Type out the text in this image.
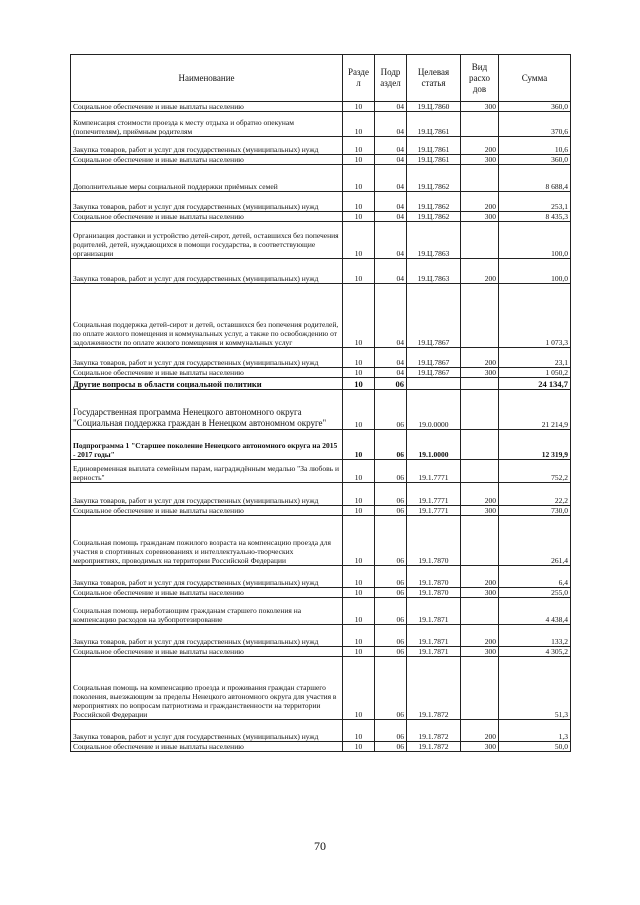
Наименование	Разде л	Подр аздел	Целевая статья	Вид расхо дов	Сумма
Социальное обеспечение и иные выплаты населению	10	04	19.Ц.7860	300	360,0
Компенсация стоимости проезда к месту отдыха и обратно опекунам (попечителям), приёмным родителям	10	04	19.Ц.7861		370,6
Закупка товаров, работ и услуг для государственных (муниципальных) нужд	10	04	19.Ц.7861	200	10,6
Социальное обеспечение и иные выплаты населению	10	04	19.Ц.7861	300	360,0
Дополнительные меры социальной поддержки приёмных семей	10	04	19.Ц.7862		8 688,4
Закупка товаров, работ и услуг для государственных (муниципальных) нужд	10	04	19.Ц.7862	200	253,1
Социальное обеспечение и иные выплаты населению	10	04	19.Ц.7862	300	8 435,3
Организация доставки и устройство детей-сирот, детей, оставшихся без попечения родителей, детей, нуждающихся в помощи государства, в соответствующие организации	10	04	19.Ц.7863		100,0
Закупка товаров, работ и услуг для государственных (муниципальных) нужд	10	04	19.Ц.7863	200	100,0
Социальная поддержка детей-сирот и детей, оставшихся без попечения родителей, по оплате жилого помещения и коммунальных услуг, а также по освобождению от задолженности по оплате жилого помещения и коммунальных услуг	10	04	19.Ц.7867		1 073,3
Закупка товаров, работ и услуг для государственных (муниципальных) нужд	10	04	19.Ц.7867	200	23,1
Социальное обеспечение и иные выплаты населению	10	04	19.Ц.7867	300	1 050,2
Другие вопросы в области социальной политики	10	06			24 134,7
Государственная программа Ненецкого автономного округа "Социальная поддержка граждан в Ненецком автономном округе"	10	06	19.0.0000		21 214,9
Подпрограмма 1 "Старшее поколение Ненецкого автономного округа на 2015 - 2017 годы"	10	06	19.1.0000		12 319,9
Единовременная выплата семейным парам, наградждённым медалью "За любовь и верность"	10	06	19.1.7771		752,2
Закупка товаров, работ и услуг для государственных (муниципальных) нужд	10	06	19.1.7771	200	22,2
Социальное обеспечение и иные выплаты населению	10	06	19.1.7771	300	730,0
Социальная помощь гражданам пожилого возраста на компенсацию проезда для участия в спортивных соревнованиях и интеллектуально-творческих мероприятиях, проводимых на территории Российской Федерации	10	06	19.1.7870		261,4
Закупка товаров, работ и услуг для государственных (муниципальных) нужд	10	06	19.1.7870	200	6,4
Социальное обеспечение и иные выплаты населению	10	06	19.1.7870	300	255,0
Социальная помощь неработающим гражданам старшего поколения на компенсацию расходов на зубопротезирование	10	06	19.1.7871		4 438,4
Закупка товаров, работ и услуг для государственных (муниципальных) нужд	10	06	19.1.7871	200	133,2
Социальное обеспечение и иные выплаты населению	10	06	19.1.7871	300	4 305,2
Социальная помощь на компенсацию проезда и проживания граждан старшего поколения, выезжающим за пределы Ненецкого автономного округа для участия в мероприятиях по вопросам патриотизма и гражданственности на территории Российской Федерации	10	06	19.1.7872		51,3
Закупка товаров, работ и услуг для государственных (муниципальных) нужд	10	06	19.1.7872	200	1,3
Социальное обеспечение и иные выплаты населению	10	06	19.1.7872	300	50,0
70
